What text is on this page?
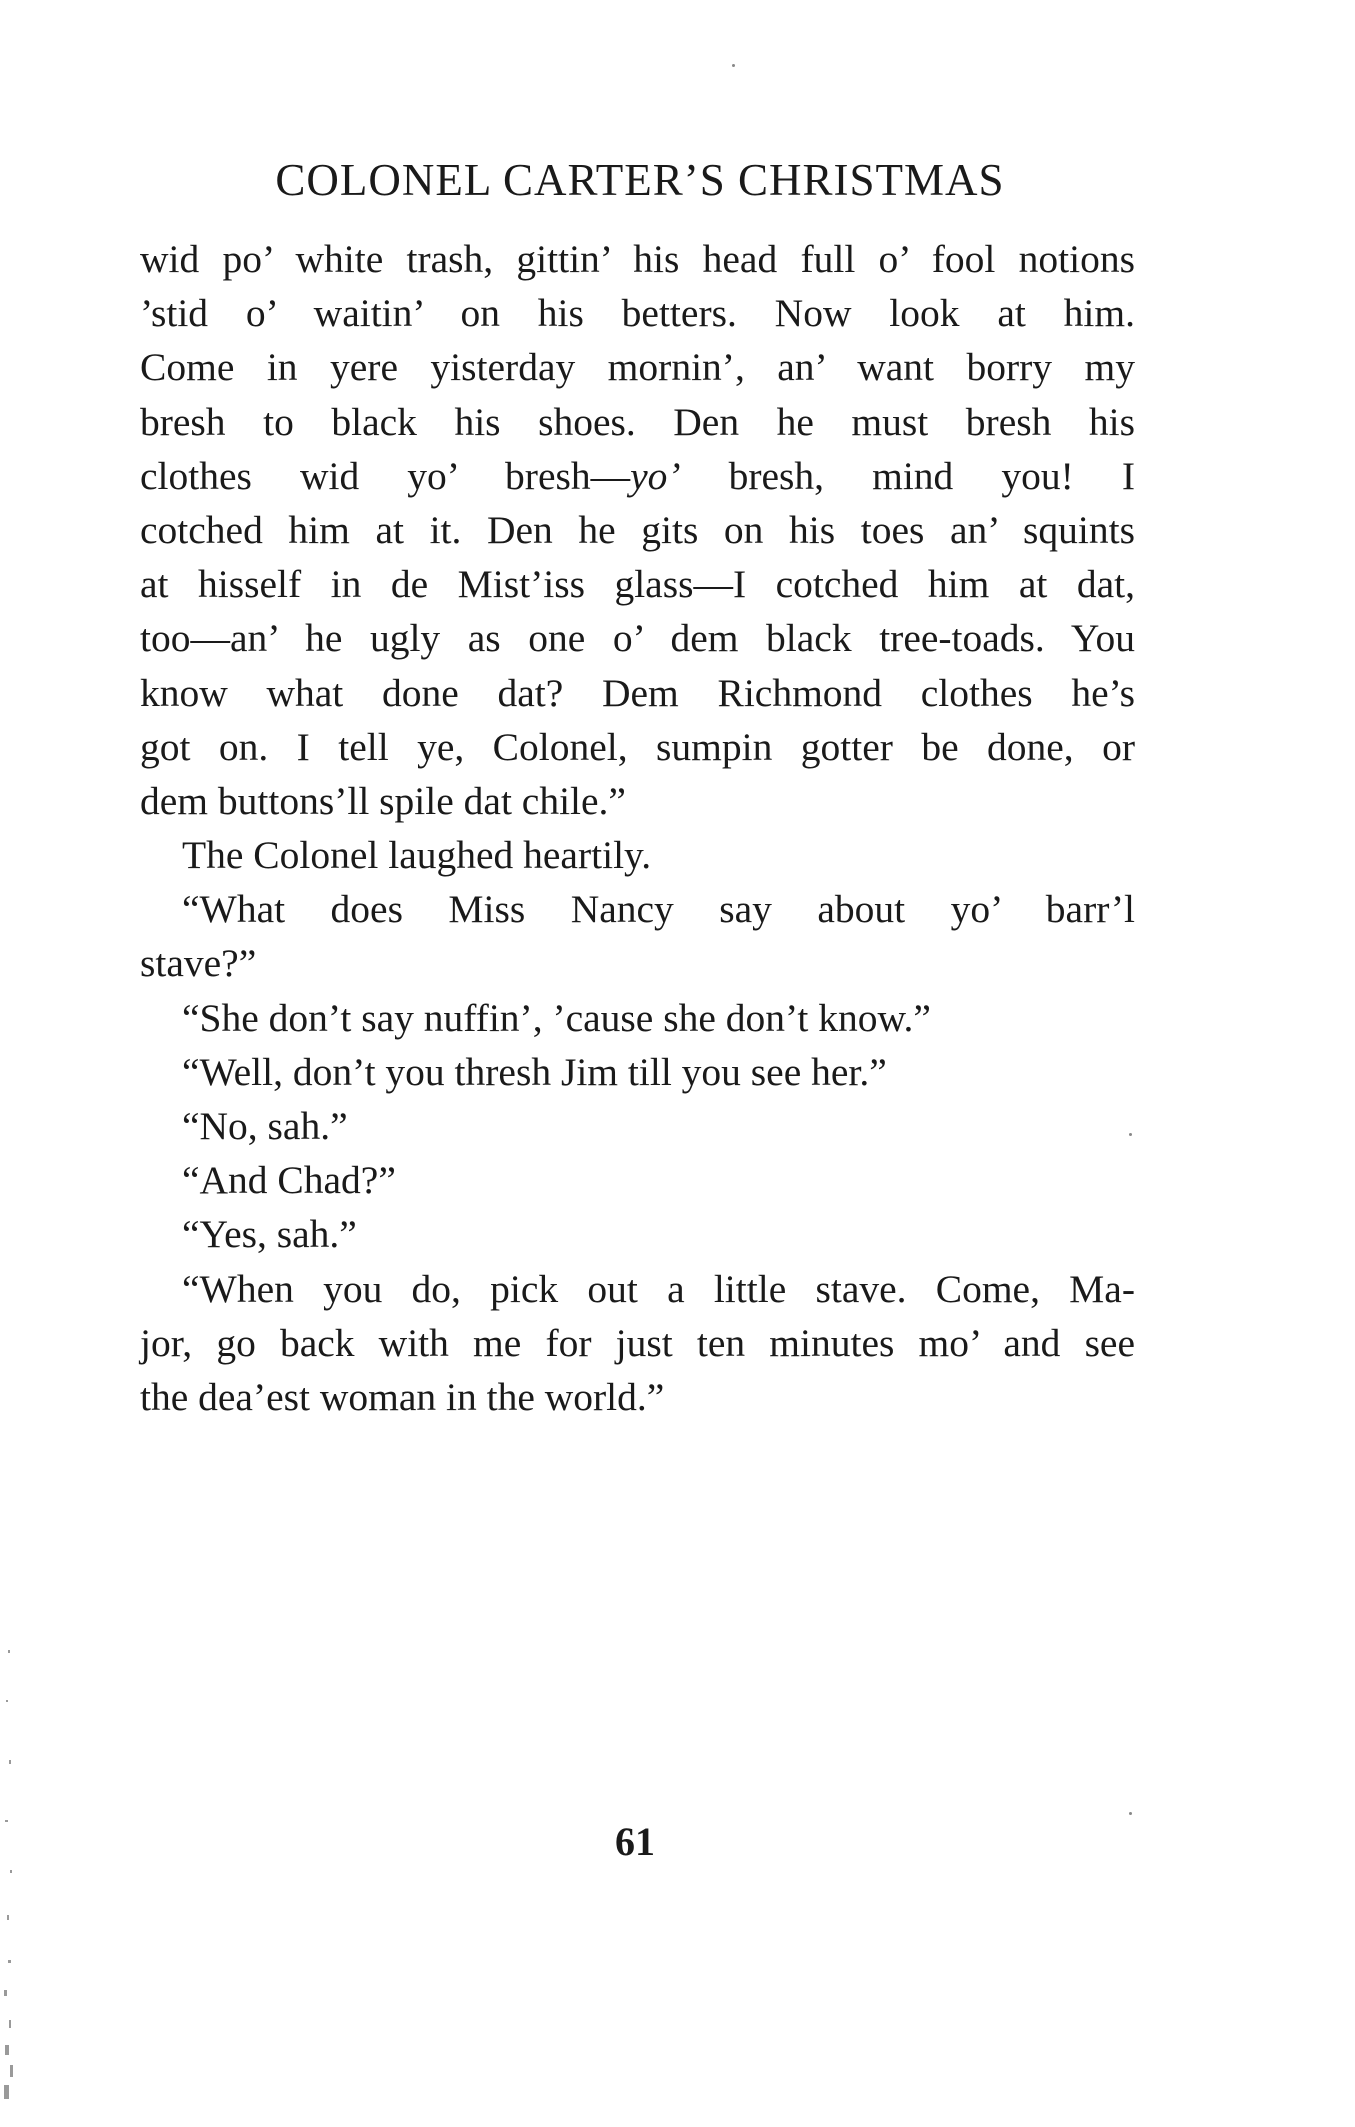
COLONEL CARTER’S CHRISTMAS
wid po’ white trash, gittin’ his head full o’ fool notions
’stid o’ waitin’ on his betters. Now look at him.
Come in yere yisterday mornin’, an’ want borry my
bresh to black his shoes. Den he must bresh his
clothes wid yo’ bresh—yo’ bresh, mind you! I
cotched him at it. Den he gits on his toes an’ squints
at hisself in de Mist’iss glass—I cotched him at dat,
too—an’ he ugly as one o’ dem black tree-toads. You
know what done dat? Dem Richmond clothes he’s
got on. I tell ye, Colonel, sumpin gotter be done, or
dem buttons’ll spile dat chile.”
The Colonel laughed heartily.
“What does Miss Nancy say about yo’ barr’l
stave?”
“She don’t say nuffin’, ’cause she don’t know.”
“Well, don’t you thresh Jim till you see her.”
“No, sah.”
“And Chad?”
“Yes, sah.”
“When you do, pick out a little stave. Come, Ma-
jor, go back with me for just ten minutes mo’ and see
the dea’est woman in the world.”
61
